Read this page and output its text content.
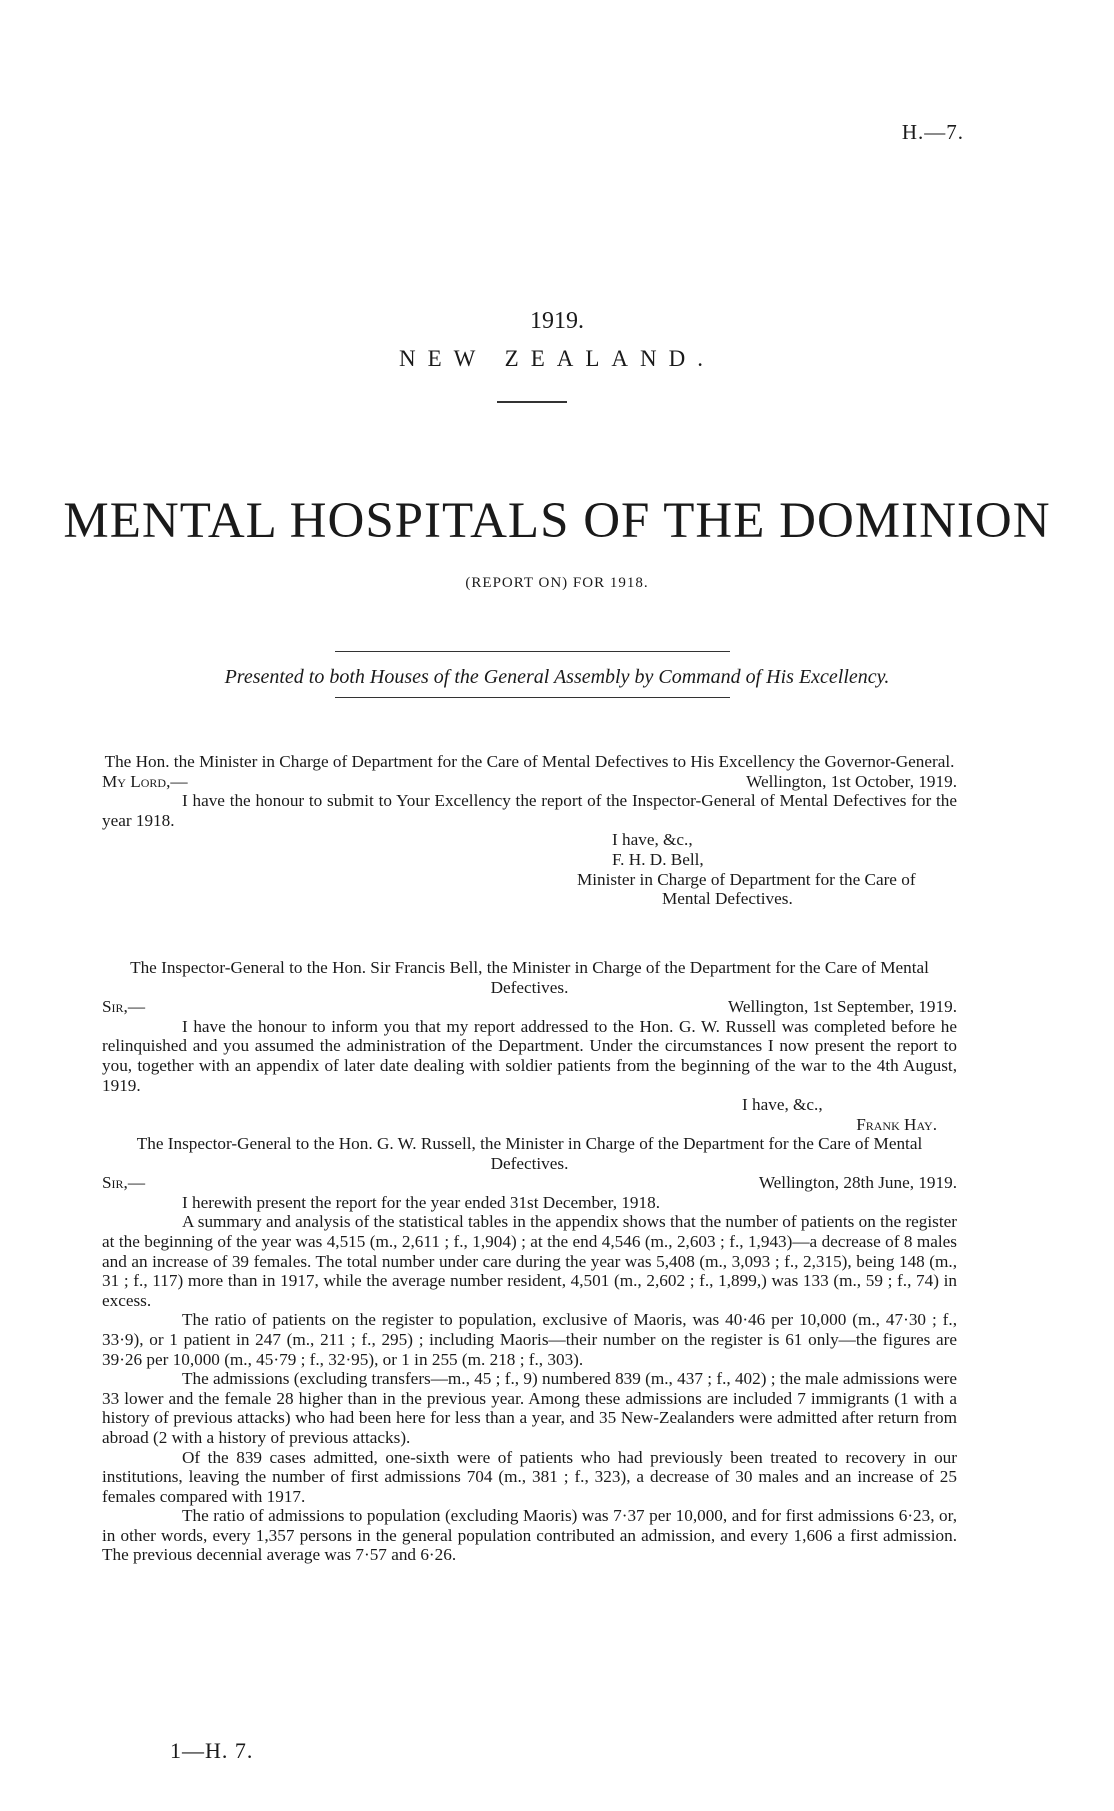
H.—7.
1919.
NEW ZEALAND.
MENTAL HOSPITALS OF THE DOMINION
(REPORT ON) FOR 1918.
Presented to both Houses of the General Assembly by Command of His Excellency.

The Hon. the Minister in Charge of Department for the Care of Mental Defectives to His Excellency the Governor-General.

My Lord,—	Wellington, 1st October, 1919.

I have the honour to submit to Your Excellency the report of the Inspector-General of Mental Defectives for the year 1918.

I have, &c.,

F. H. D. Bell,

Minister in Charge of Department for the Care of

Mental Defectives.

The Inspector-General to the Hon. Sir Francis Bell, the Minister in Charge of the Department for the Care of Mental Defectives.

Sir,—	Wellington, 1st September, 1919.

I have the honour to inform you that my report addressed to the Hon. G. W. Russell was completed before he relinquished and you assumed the administration of the Department. Under the circumstances I now present the report to you, together with an appendix of later date dealing with soldier patients from the beginning of the war to the 4th August, 1919.

I have, &c.,

Frank Hay.

The Inspector-General to the Hon. G. W. Russell, the Minister in Charge of the Department for the Care of Mental Defectives.

Sir,—	Wellington, 28th June, 1919.

I herewith present the report for the year ended 31st December, 1918.

A summary and analysis of the statistical tables in the appendix shows that the number of patients on the register at the beginning of the year was 4,515 (m., 2,611 ; f., 1,904) ; at the end 4,546 (m., 2,603 ; f., 1,943)—a decrease of 8 males and an increase of 39 females. The total number under care during the year was 5,408 (m., 3,093 ; f., 2,315), being 148 (m., 31 ; f., 117) more than in 1917, while the average number resident, 4,501 (m., 2,602 ; f., 1,899,) was 133 (m., 59 ; f., 74) in excess.

The ratio of patients on the register to population, exclusive of Maoris, was 40·46 per 10,000 (m., 47·30 ; f., 33·9), or 1 patient in 247 (m., 211 ; f., 295) ; including Maoris—their number on the register is 61 only—the figures are 39·26 per 10,000 (m., 45·79 ; f., 32·95), or 1 in 255 (m. 218 ; f., 303).

The admissions (excluding transfers—m., 45 ; f., 9) numbered 839 (m., 437 ; f., 402) ; the male admissions were 33 lower and the female 28 higher than in the previous year. Among these admissions are included 7 immigrants (1 with a history of previous attacks) who had been here for less than a year, and 35 New-Zealanders were admitted after return from abroad (2 with a history of previous attacks).

Of the 839 cases admitted, one-sixth were of patients who had previously been treated to recovery in our institutions, leaving the number of first admissions 704 (m., 381 ; f., 323), a decrease of 30 males and an increase of 25 females compared with 1917.

The ratio of admissions to population (excluding Maoris) was 7·37 per 10,000, and for first admissions 6·23, or, in other words, every 1,357 persons in the general population contributed an admission, and every 1,606 a first admission. The previous decennial average was 7·57 and 6·26.

1—H. 7.
